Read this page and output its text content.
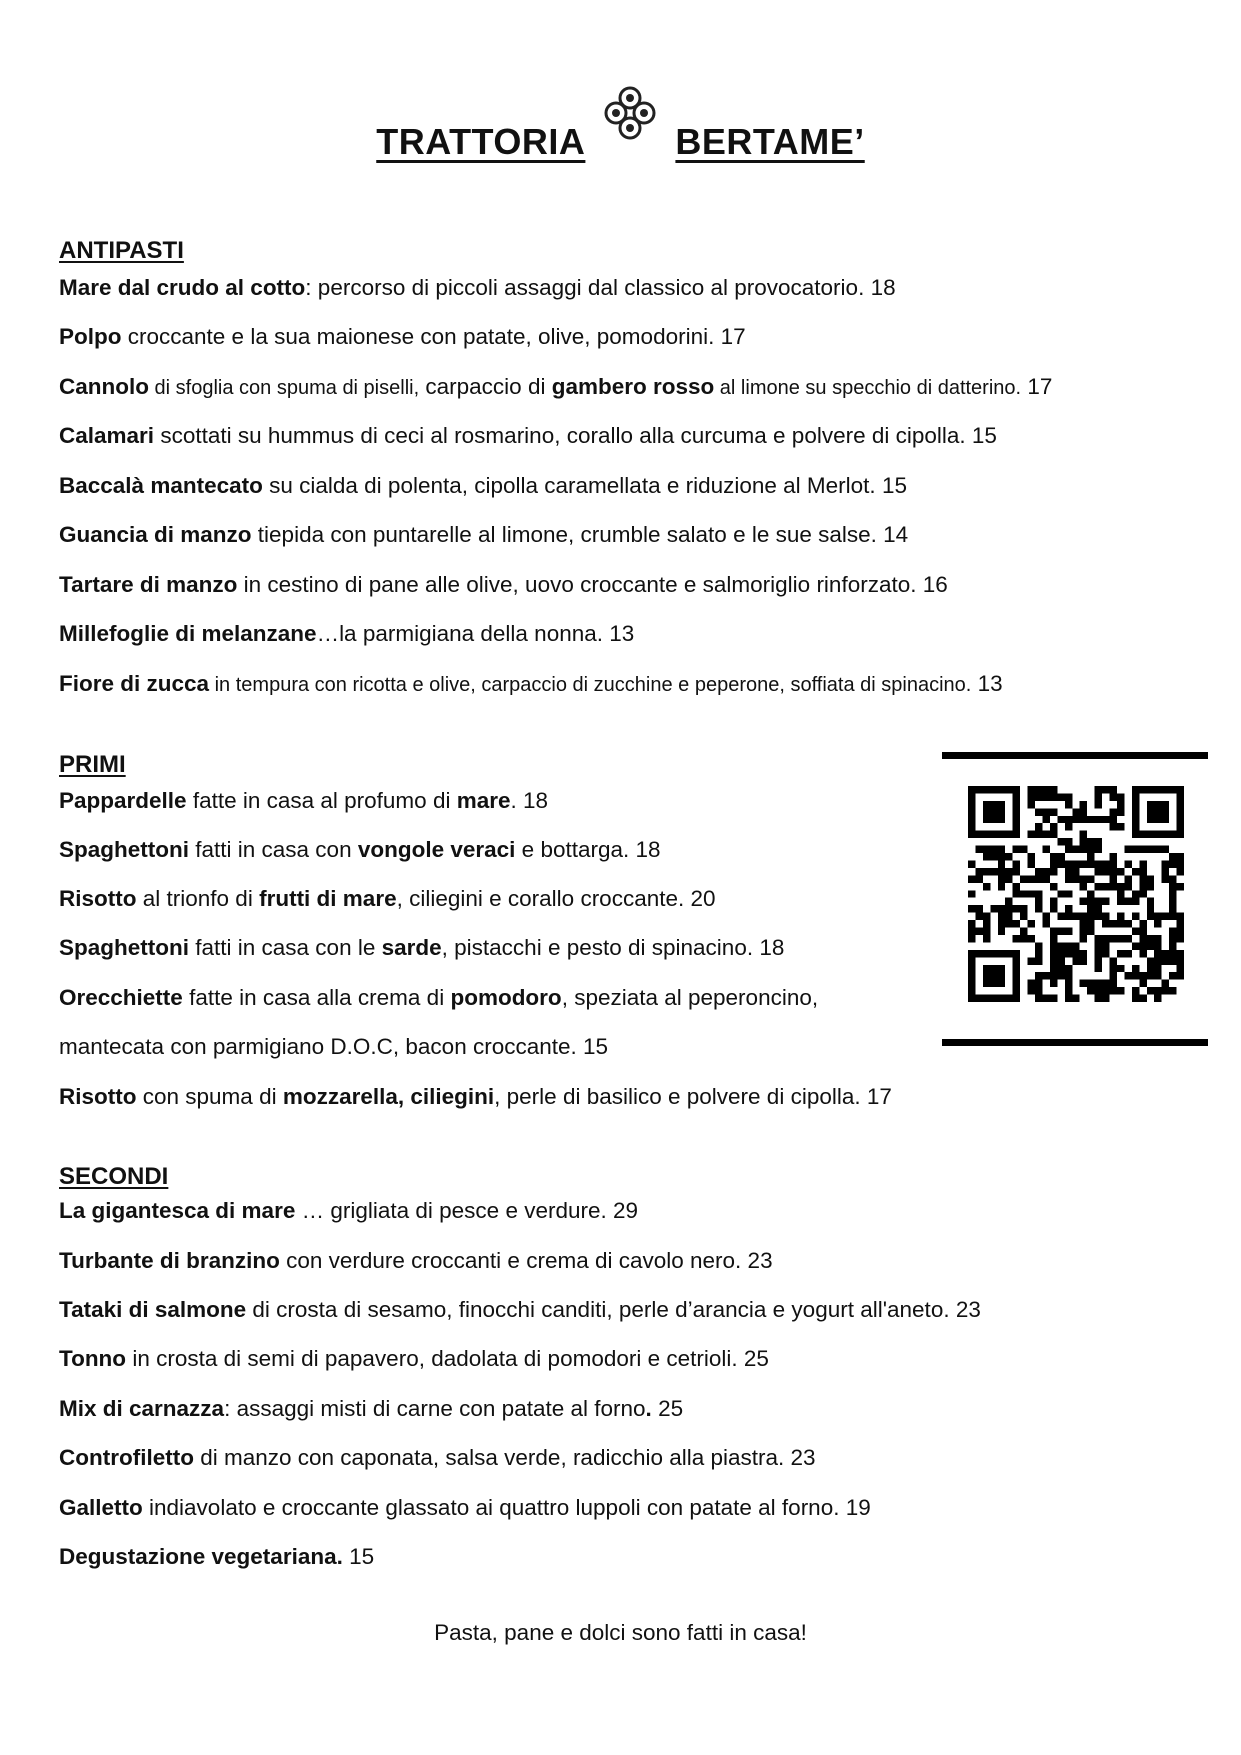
TRATTORIA	BERTAME’
ANTIPASTI
Mare dal crudo al cotto: percorso di piccoli assaggi dal classico al provocatorio. 18
Polpo croccante e la sua maionese con patate, olive, pomodorini. 17
Cannolo di sfoglia con spuma di piselli, carpaccio di gambero rosso al limone su specchio di datterino. 17
Calamari scottati su hummus di ceci al rosmarino, corallo alla curcuma e polvere di cipolla. 15
Baccalà mantecato su cialda di polenta, cipolla caramellata e riduzione al Merlot. 15
Guancia di manzo tiepida con puntarelle al limone, crumble salato e le sue salse. 14
Tartare di manzo in cestino di pane alle olive, uovo croccante e salmoriglio rinforzato. 16
Millefoglie di melanzane…la parmigiana della nonna. 13
Fiore di zucca in tempura con ricotta e olive, carpaccio di zucchine e peperone, soffiata di spinacino. 13
PRIMI
Pappardelle fatte in casa al profumo di mare. 18
Spaghettoni fatti in casa con vongole veraci e bottarga. 18
Risotto al trionfo di frutti di mare, ciliegini e corallo croccante. 20
Spaghettoni fatti in casa con le sarde, pistacchi e pesto di spinacino. 18
Orecchiette fatte in casa alla crema di pomodoro, speziata al peperoncino,
mantecata con parmigiano D.O.C, bacon croccante. 15
Risotto con spuma di mozzarella, ciliegini, perle di basilico e polvere di cipolla. 17
SECONDI
La gigantesca di mare … grigliata di pesce e verdure. 29
Turbante di branzino con verdure croccanti e crema di cavolo nero. 23
Tataki di salmone di crosta di sesamo, finocchi canditi, perle d’arancia e yogurt all'aneto. 23
Tonno in crosta di semi di papavero, dadolata di pomodori e cetrioli. 25
Mix di carnazza: assaggi misti di carne con patate al forno. 25
Controfiletto di manzo con caponata, salsa verde, radicchio alla piastra. 23
Galletto indiavolato e croccante glassato ai quattro luppoli con patate al forno. 19
Degustazione vegetariana. 15
Pasta, pane e dolci sono fatti in casa!
